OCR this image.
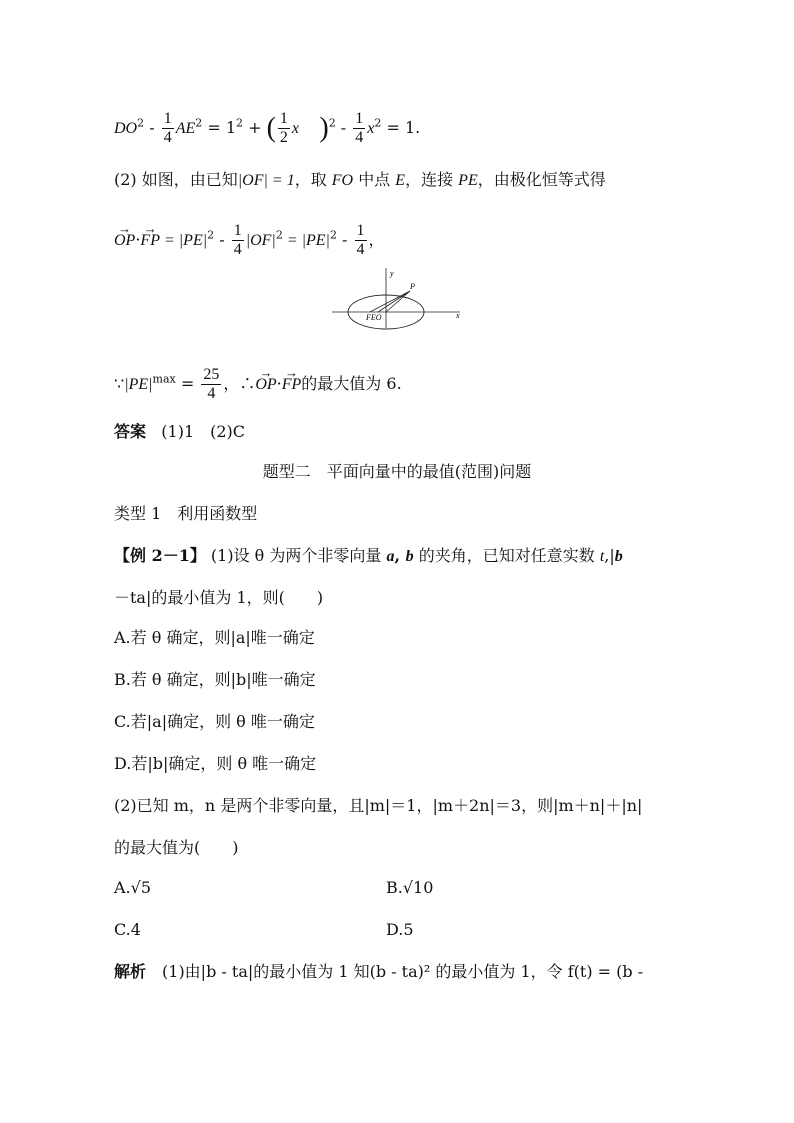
$DO^2 - \frac{1}{4} AE^2 = 1^2$ + ( $\frac{1}{2}$ x )$^2 - \frac{1}{4} x^2 = 1$.
(2) 如图，由已知|OF| = 1，取 FO 中点 E，连接 PE，由极化恒等式得
→ OP·→ FP = $|PE|^2 - \frac{1}{4} |OF|^2 = |PE|^2 - \frac{1}{4}$ ，
y
x
P
FEO
$\because|PE|^{max} = \frac{25}{4}$ ，∴→ OP·→ FP的最大值为 6.
答案 (1)1　(2)C
题型二　平面向量中的最值(范围)问题
类型 1　利用函数型
【例 2－1】 (1)设 θ 为两个非零向量 a, b 的夹角，已知对任意实数 t,|b
－ta|的最小值为 1，则(　　)
A.若 θ 确定，则|a|唯一确定
B.若 θ 确定，则|b|唯一确定
C.若|a|确定，则 θ 唯一确定
D.若|b|确定，则 θ 唯一确定
(2)已知 m，n 是两个非零向量，且|m|＝1，|m＋2n|＝3，则|m＋n|＋|n|
的最大值为(　　)
A.√5	B.√10
C.4	D.5
解析　(1)由|b - ta|的最小值为 1 知(b - ta)² 的最小值为 1，令 f(t) = (b -
